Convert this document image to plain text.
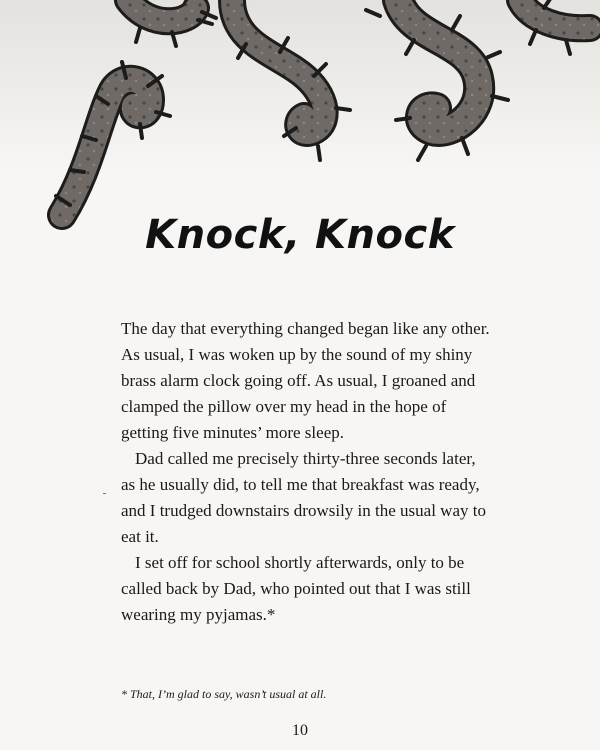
Knock, Knock

The day that everything changed began like any other. As usual, I was woken up by the sound of my shiny brass alarm clock going off. As usual, I groaned and clamped the pillow over my head in the hope of getting five minutes’ more sleep.

Dad called me precisely thirty-three seconds later, as he usually did, to tell me that breakfast was ready, and I trudged downstairs drowsily in the usual way to eat it.

I set off for school shortly afterwards, only to be called back by Dad, who pointed out that I was still wearing my pyjamas.*

* That, I’m glad to say, wasn’t usual at all.

10
